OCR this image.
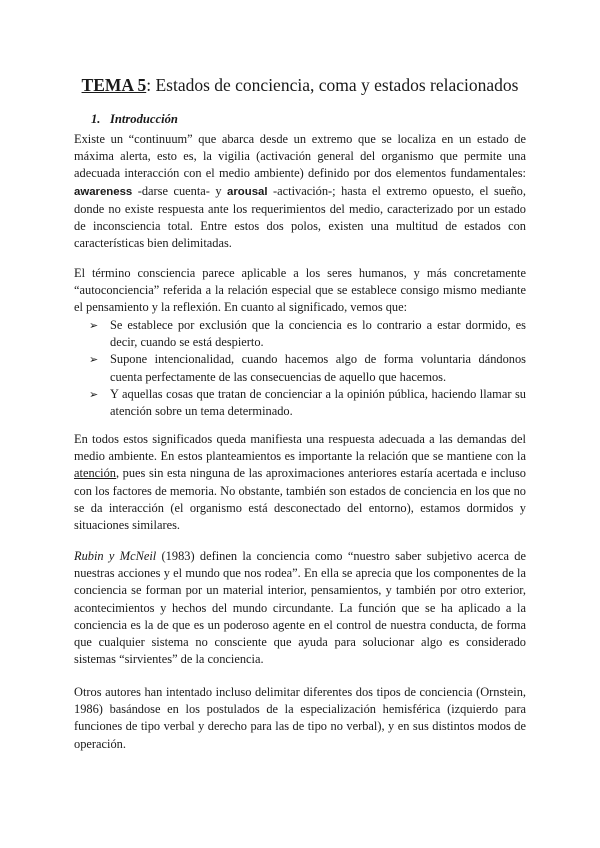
TEMA 5: Estados de conciencia, coma y estados relacionados
1. Introducción
Existe un “continuum” que abarca desde un extremo que se localiza en un estado de máxima alerta, esto es, la vigilia (activación general del organismo que permite una adecuada interacción con el medio ambiente) definido por dos elementos fundamentales: awareness -darse cuenta- y arousal -activación-; hasta el extremo opuesto, el sueño, donde no existe respuesta ante los requerimientos del medio, caracterizado por un estado de inconsciencia total. Entre estos dos polos, existen una multitud de estados con características bien delimitadas.
El término consciencia parece aplicable a los seres humanos, y más concretamente “autoconciencia” referida a la relación especial que se establece consigo mismo mediante el pensamiento y la reflexión. En cuanto al significado, vemos que:
➢ Se establece por exclusión que la conciencia es lo contrario a estar dormido, es decir, cuando se está despierto.
➢ Supone intencionalidad, cuando hacemos algo de forma voluntaria dándonos cuenta perfectamente de las consecuencias de aquello que hacemos.
➢ Y aquellas cosas que tratan de concienciar a la opinión pública, haciendo llamar su atención sobre un tema determinado.
En todos estos significados queda manifiesta una respuesta adecuada a las demandas del medio ambiente. En estos planteamientos es importante la relación que se mantiene con la atención, pues sin esta ninguna de las aproximaciones anteriores estaría acertada e incluso con los factores de memoria. No obstante, también son estados de conciencia en los que no se da interacción (el organismo está desconectado del entorno), estamos dormidos y situaciones similares.
Rubin y McNeil (1983) definen la conciencia como “nuestro saber subjetivo acerca de nuestras acciones y el mundo que nos rodea”. En ella se aprecia que los componentes de la conciencia se forman por un material interior, pensamientos, y también por otro exterior, acontecimientos y hechos del mundo circundante. La función que se ha aplicado a la conciencia es la de que es un poderoso agente en el control de nuestra conducta, de forma que cualquier sistema no consciente que ayuda para solucionar algo es considerado sistemas “sirvientes” de la conciencia.
Otros autores han intentado incluso delimitar diferentes dos tipos de conciencia (Ornstein, 1986) basándose en los postulados de la especialización hemisférica (izquierdo para funciones de tipo verbal y derecho para las de tipo no verbal), y en sus distintos modos de operación.
